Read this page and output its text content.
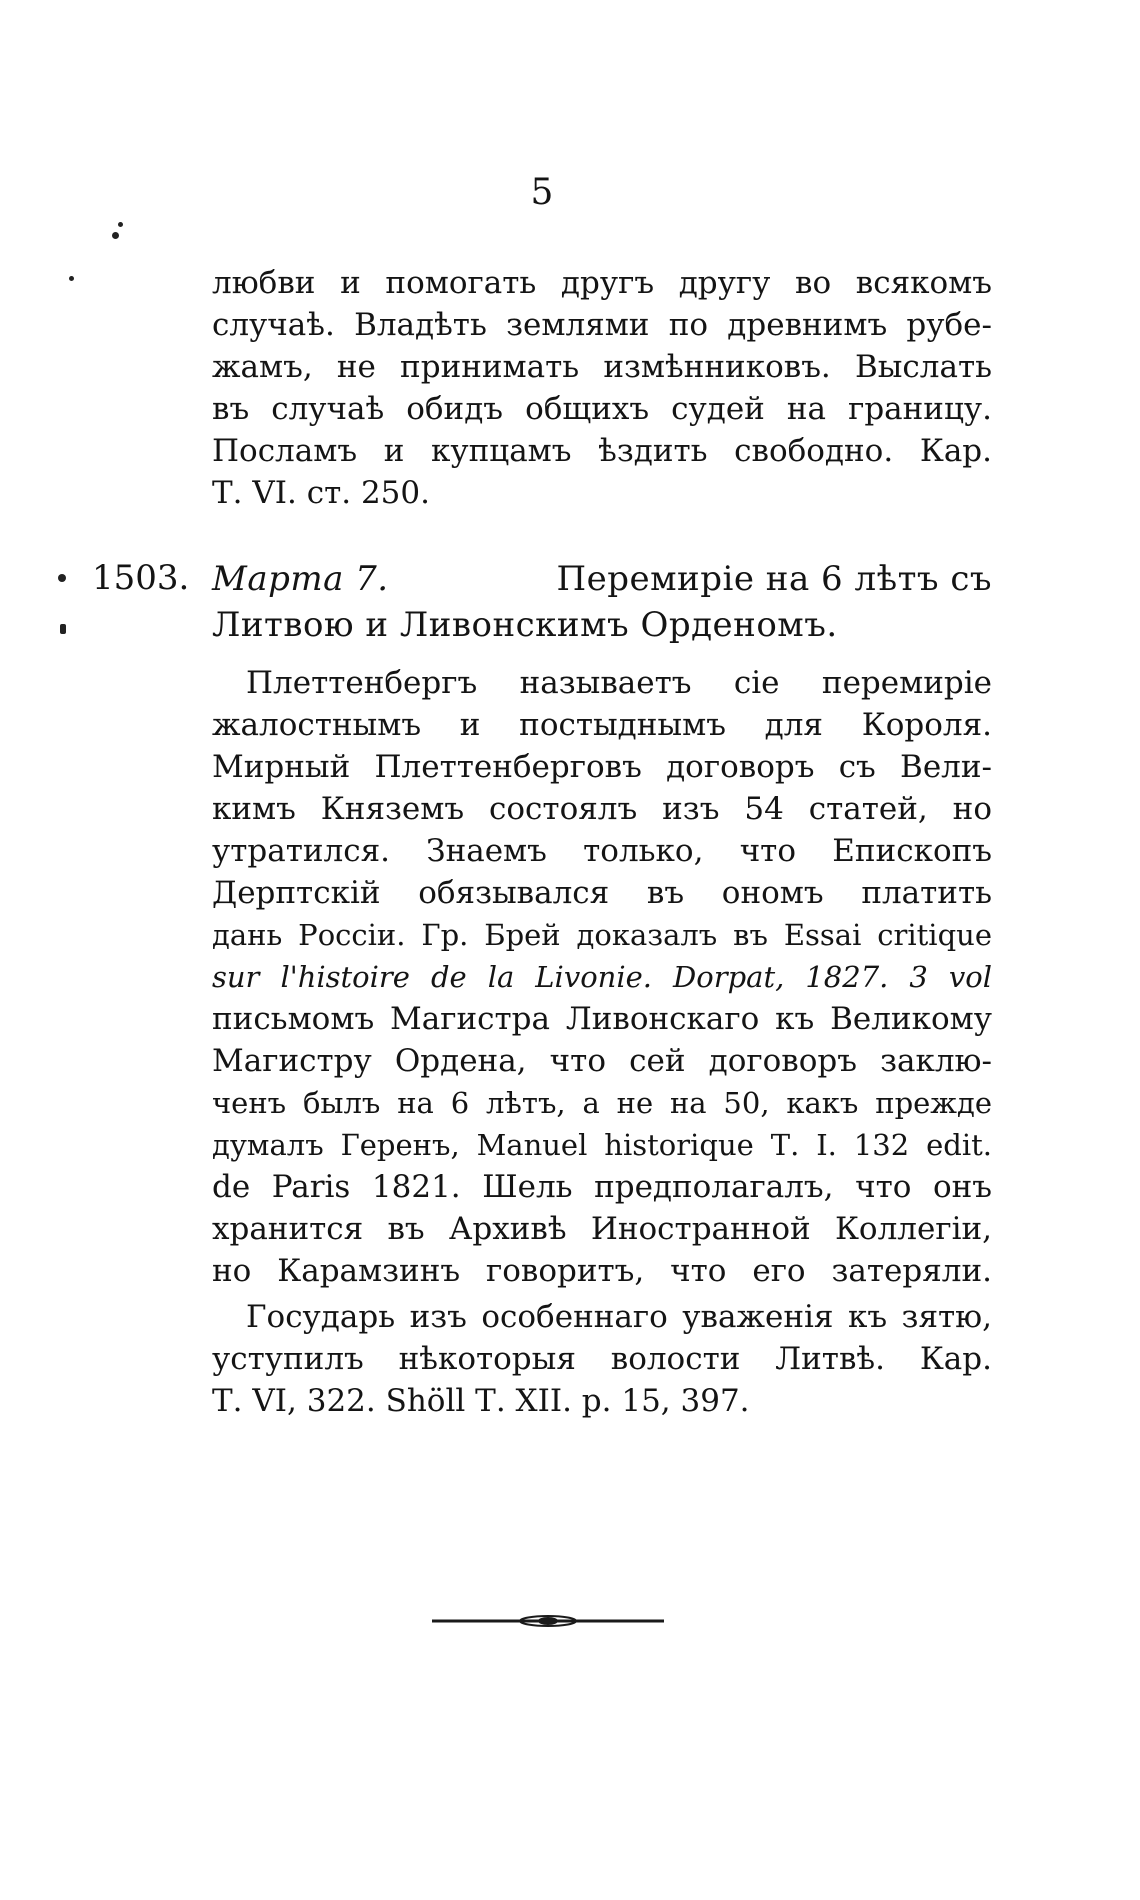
5
любви и помогать другъ другу во всякомъ
случаѣ. Владѣть землями по древнимъ рубе-
жамъ, не принимать измѣнниковъ. Выслать
въ случаѣ обидъ общихъ судей на границу.
Посламъ и купцамъ ѣздить свободно. Кар.
Т. VI. ст. 250.
1503. Марта 7.	Перемиріе на 6 лѣтъ съ
Литвою и Ливонскимъ Орденомъ.
Плеттенбергъ называетъ сіе перемиріе
жалостнымъ и постыднымъ для Короля.
Мирный Плеттенберговъ договоръ съ Вели-
кимъ Княземъ состоялъ изъ 54 статей, но
утратился. Знаемъ только, что Епископъ
Дерптскій обязывался въ ономъ платить
дань Россіи. Гр. Брей доказалъ въ Essai critique
sur l'histoire de la Livonie. Dorpat, 1827. 3 vol
письмомъ Магистра Ливонскаго къ Великому
Магистру Ордена, что сей договоръ заклю-
ченъ былъ на 6 лѣтъ, а не на 50, какъ прежде
думалъ Геренъ, Manuel historique Т. I. 132 edit.
de Paris 1821. Шель предполагалъ, что онъ
хранится въ Архивѣ Иностранной Коллегіи,
но Карамзинъ говоритъ, что его затеряли.
Государь изъ особеннаго уваженія къ зятю,
уступилъ нѣкоторыя волости Литвѣ. Кар.
Т. VI, 322. Shöll Т. XII. p. 15, 397.
